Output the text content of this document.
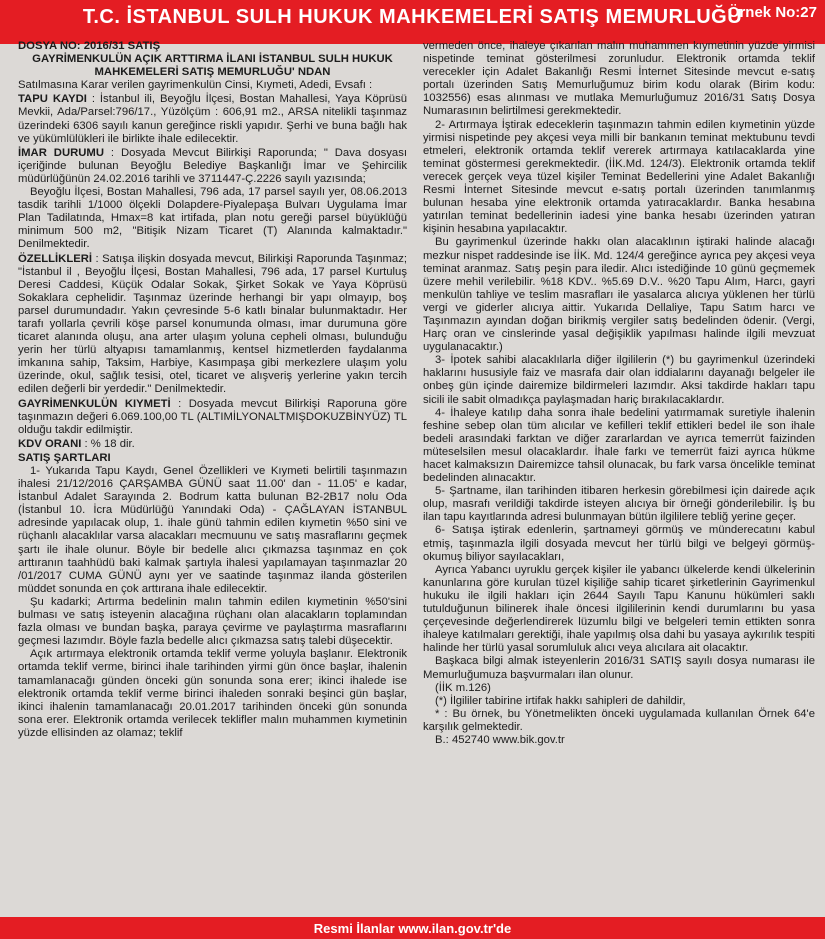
T.C. İSTANBUL SULH HUKUK MAHKEMELERİ SATIŞ MEMURLUĞU
Örnek No:27

DOSYA NO: 2016/31 SATIŞ

GAYRİMENKULÜN AÇIK ARTTIRMA İLANI İSTANBUL SULH HUKUK MAHKEMELERİ SATIŞ MEMURLUĞU' NDAN

Satılmasına Karar verilen gayrimenkulün Cinsi, Kıymeti, Adedi, Evsafı :

TAPU KAYDI : İstanbul ili, Beyoğlu İlçesi, Bostan Mahallesi, Yaya Köprüsü Mevkii, Ada/Parsel:796/17., Yüzölçüm : 606,91 m2., ARSA nitelikli taşınmaz üzerindeki 6306 sayılı kanun gereğince riskli yapıdır. Şerhi ve buna bağlı hak ve yükümlülükleri ile birlikte ihale edilecektir.

İMAR DURUMU : Dosyada Mevcut Bilirkişi Raporunda; " Dava dosyası içeriğinde bulunan Beyoğlu Belediye Başkanlığı İmar ve Şehircilik müdürlüğünün 24.02.2016 tarihli ve 3711447-Ç.2226 sayılı yazısında;

Beyoğlu İlçesi, Bostan Mahallesi, 796 ada, 17 parsel sayılı yer, 08.06.2013 tasdik tarihli 1/1000 ölçekli Dolapdere-Piyalepaşa Bulvarı Uygulama İmar Plan Tadilatında, Hmax=8 kat irtifada, plan notu gereği parsel büyüklüğü minimum 500 m2, "Bitişik Nizam Ticaret (T) Alanında kalmaktadır." Denilmektedir.

ÖZELLİKLERİ : Satışa ilişkin dosyada mevcut, Bilirkişi Raporunda Taşınmaz; "İstanbul il , Beyoğlu İlçesi, Bostan Mahallesi, 796 ada, 17 parsel Kurtuluş Deresi Caddesi, Küçük Odalar Sokak, Şirket Sokak ve Yaya Köprüsü Sokaklara cephelidir. Taşınmaz üzerinde herhangi bir yapı olmayıp, boş parsel durumundadır. Yakın çevresinde 5-6 katlı binalar bulunmaktadır. Her tarafı yollarla çevrili köşe parsel konumunda olması, imar durumuna göre ticaret alanında oluşu, ana arter ulaşım yoluna cepheli olması, bulunduğu yerin her türlü altyapısı tamamlanmış, kentsel hizmetlerden faydalanma imkanına sahip, Taksim, Harbiye, Kasımpaşa gibi merkezlere ulaşım yolu üzerinde, okul, sağlık tesisi, otel, ticaret ve alışveriş yerlerine yakın tercih edilen değerli bir yerdedir." Denilmektedir.

GAYRİMENKULÜN KIYMETİ : Dosyada mevcut Bilirkişi Raporuna göre taşınmazın değeri 6.069.100,00 TL (ALTIMİLYONALTMIŞDOKUZBİNYÜZ) TL olduğu takdir edilmiştir.

KDV ORANI : % 18 dir.

SATIŞ ŞARTLARI

1- Yukarıda Tapu Kaydı, Genel Özellikleri ve Kıymeti belirtili taşınmazın ihalesi 21/12/2016 ÇARŞAMBA GÜNÜ saat 11.00' dan - 11.05' e kadar, İstanbul Adalet Sarayında 2. Bodrum katta bulunan B2-2B17 nolu Oda (İstanbul 10. İcra Müdürlüğü Yanındaki Oda) - ÇAĞLAYAN İSTANBUL adresinde yapılacak olup, 1. ihale günü tahmin edilen kıymetin %50 sini ve rüçhanlı alacaklılar varsa alacakları mecmuunu ve satış masraflarını geçmek şartı ile ihale olunur. Böyle bir bedelle alıcı çıkmazsa taşınmaz en çok arttıranın taahhüdü baki kalmak şartıyla ihalesi yapılamayan taşınmazlar 20 /01/2017 CUMA GÜNÜ aynı yer ve saatinde taşınmaz ilanda gösterilen müddet sonunda en çok arttırana ihale edilecektir.

Şu kadarki; Artırma bedelinin malın tahmin edilen kıymetinin %50'sini bulması ve satış isteyenin alacağına rüçhanı olan alacakların toplamından fazla olması ve bundan başka, paraya çevirme ve paylaştırma masraflarını geçmesi lazımdır. Böyle fazla bedelle alıcı çıkmazsa satış talebi düşecektir.

Açık artırmaya elektronik ortamda teklif verme yoluyla başlanır. Elektronik ortamda teklif verme, birinci ihale tarihinden yirmi gün önce başlar, ihalenin tamamlanacağı günden önceki gün sonunda sona erer; ikinci ihalede ise elektronik ortamda teklif verme birinci ihaleden sonraki beşinci gün başlar, ikinci ihalenin tamamlanacağı 20.01.2017 tarihinden önceki gün sonunda sona erer. Elektronik ortamda verilecek teklifler malın muhammen kıymetinin yüzde ellisinden az olamaz; teklif

vermeden önce, ihaleye çıkarılan malın muhammen kıymetinin yüzde yirmisi nispetinde teminat gösterilmesi zorunludur. Elektronik ortamda teklif verecekler için Adalet Bakanlığı Resmi İnternet Sitesinde mevcut e-satış portalı üzerinden Satış Memurluğumuz birim kodu olarak (Birim kodu: 1032556) esas alınması ve mutlaka Memurluğumuz 2016/31 Satış Dosya Numarasının belirtilmesi gerekmektedir.

2- Artırmaya İştirak edeceklerin taşınmazın tahmin edilen kıymetinin yüzde yirmisi nispetinde pey akçesi veya milli bir bankanın teminat mektubunu tevdi etmeleri, elektronik ortamda teklif vererek artırmaya katılacaklarda yine teminat göstermesi gerekmektedir. (İİK.Md. 124/3). Elektronik ortamda teklif verecek gerçek veya tüzel kişiler Teminat Bedellerini yine Adalet Bakanlığı Resmi İnternet Sitesinde mevcut e-satış portalı üzerinden tanımlanmış bulunan hesaba yine elektronik ortamda yatıracaklardır. Banka hesabına yatırılan teminat bedellerinin iadesi yine banka hesabı üzerinden yatıran kişinin hesabına yapılacaktır.

Bu gayrimenkul üzerinde hakkı olan alacaklının iştiraki halinde alacağı mezkur nispet raddesinde ise İİK. Md. 124/4 gereğince ayrıca pey akçesi veya teminat aranmaz. Satış peşin para iledir. Alıcı istediğinde 10 günü geçmemek üzere mehil verilebilir. %18 KDV.. %5.69 D.V.. %20 Tapu Alım, Harcı, gayri menkulün tahliye ve teslim masrafları ile yasalarca alıcıya yüklenen her türlü vergi ve giderler alıcıya aittir. Yukarıda Dellaliye, Tapu Satım harcı ve Taşınmazın ayından doğan birikmiş vergiler satış bedelinden ödenir. (Vergi, Harç oran ve cinslerinde yasal değişiklik yapılması halinde ilgili mevzuat uygulanacaktır.)

3- İpotek sahibi alacaklılarla diğer ilgililerin (*) bu gayrimenkul üzerindeki haklarını hususiyle faiz ve masrafa dair olan iddialarını dayanağı belgeler ile onbeş gün içinde dairemize bildirmeleri lazımdır. Aksi takdirde hakları tapu sicili ile sabit olmadıkça paylaşmadan hariç bırakılacaklardır.

4- İhaleye katılıp daha sonra ihale bedelini yatırmamak suretiyle ihalenin feshine sebep olan tüm alıcılar ve kefilleri teklif ettikleri bedel ile son ihale bedeli arasındaki farktan ve diğer zararlardan ve ayrıca temerrüt faizinden müteselsilen mesul olacaklardır. İhale farkı ve temerrüt faizi ayrıca hükme hacet kalmaksızın Dairemizce tahsil olunacak, bu fark varsa öncelikle teminat bedelinden alınacaktır.

5- Şartname, ilan tarihinden itibaren herkesin görebilmesi için dairede açık olup, masrafı verildiği takdirde isteyen alıcıya bir örneği gönderilebilir. İş bu ilan tapu kayıtlarında adresi bulunmayan bütün ilgililere tebliğ yerine geçer.

6- Satışa iştirak edenlerin, şartnameyi görmüş ve münderecatını kabul etmiş, taşınmazla ilgili dosyada mevcut her türlü bilgi ve belgeyi görmüş-okumuş biliyor sayılacakları,

Ayrıca Yabancı uyruklu gerçek kişiler ile yabancı ülkelerde kendi ülkelerinin kanunlarına göre kurulan tüzel kişiliğe sahip ticaret şirketlerinin Gayrimenkul hukuku ile ilgili hakları için 2644 Sayılı Tapu Kanunu hükümleri saklı tutulduğunun bilinerek ihale öncesi ilgililerinin kendi durumlarını bu yasa çerçevesinde değerlendirerek lüzumlu bilgi ve belgeleri temin ettikten sonra ihaleye katılmaları gerektiği, ihale yapılmış olsa dahi bu yasaya aykırılık tespiti halinde her türlü yasal sorumluluk alıcı veya alıcılara ait olacaktır.

Başkaca bilgi almak isteyenlerin 2016/31 SATIŞ sayılı dosya numarası ile Memurluğumuza başvurmaları ilan olunur.

(İİK m.126)

(*) İlgililer tabirine irtifak hakkı sahipleri de dahildir,

* : Bu örnek, bu Yönetmelikten önceki uygulamada kullanılan Örnek 64'e karşılık gelmektedir.

B.: 452740 www.bik.gov.tr

Resmi İlanlar www.ilan.gov.tr'de
